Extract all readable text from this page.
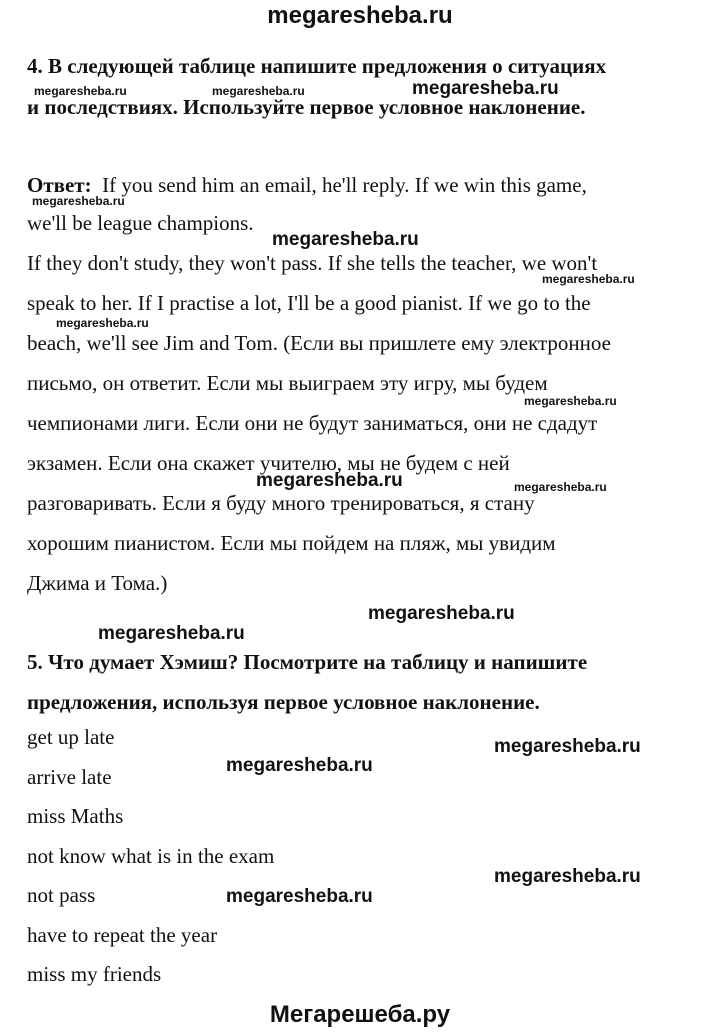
megaresheba.ru
4. В следующей таблице напишите предложения о ситуациях
и последствиях. Используйте первое условное наклонение.
Ответ: If you send him an email, he'll reply. If we win this game,
we'll be league champions.
If they don't study, they won't pass. If she tells the teacher, we won't
speak to her. If I practise a lot, I'll be a good pianist. If we go to the
beach, we'll see Jim and Tom. (Если вы пришлете ему электронное
письмо, он ответит. Если мы выиграем эту игру, мы будем
чемпионами лиги. Если они не будут заниматься, они не сдадут
экзамен. Если она скажет учителю, мы не будем с ней
разговаривать. Если я буду много тренироваться, я стану
хорошим пианистом. Если мы пойдем на пляж, мы увидим
Джима и Тома.)
5. Что думает Хэмиш? Посмотрите на таблицу и напишите
предложения, используя первое условное наклонение.
get up late
arrive late
miss Maths
not know what is in the exam
not pass
have to repeat the year
miss my friends
megaresheba.ru	megaresheba.ru	megaresheba.ru
megaresheba.ru
megaresheba.ru
megaresheba.ru
megaresheba.ru
megaresheba.ru
megaresheba.ru	megaresheba.ru
megaresheba.ru
megaresheba.ru
megaresheba.ru
megaresheba.ru
megaresheba.ru
megaresheba.ru
Мегарешеба.ру
